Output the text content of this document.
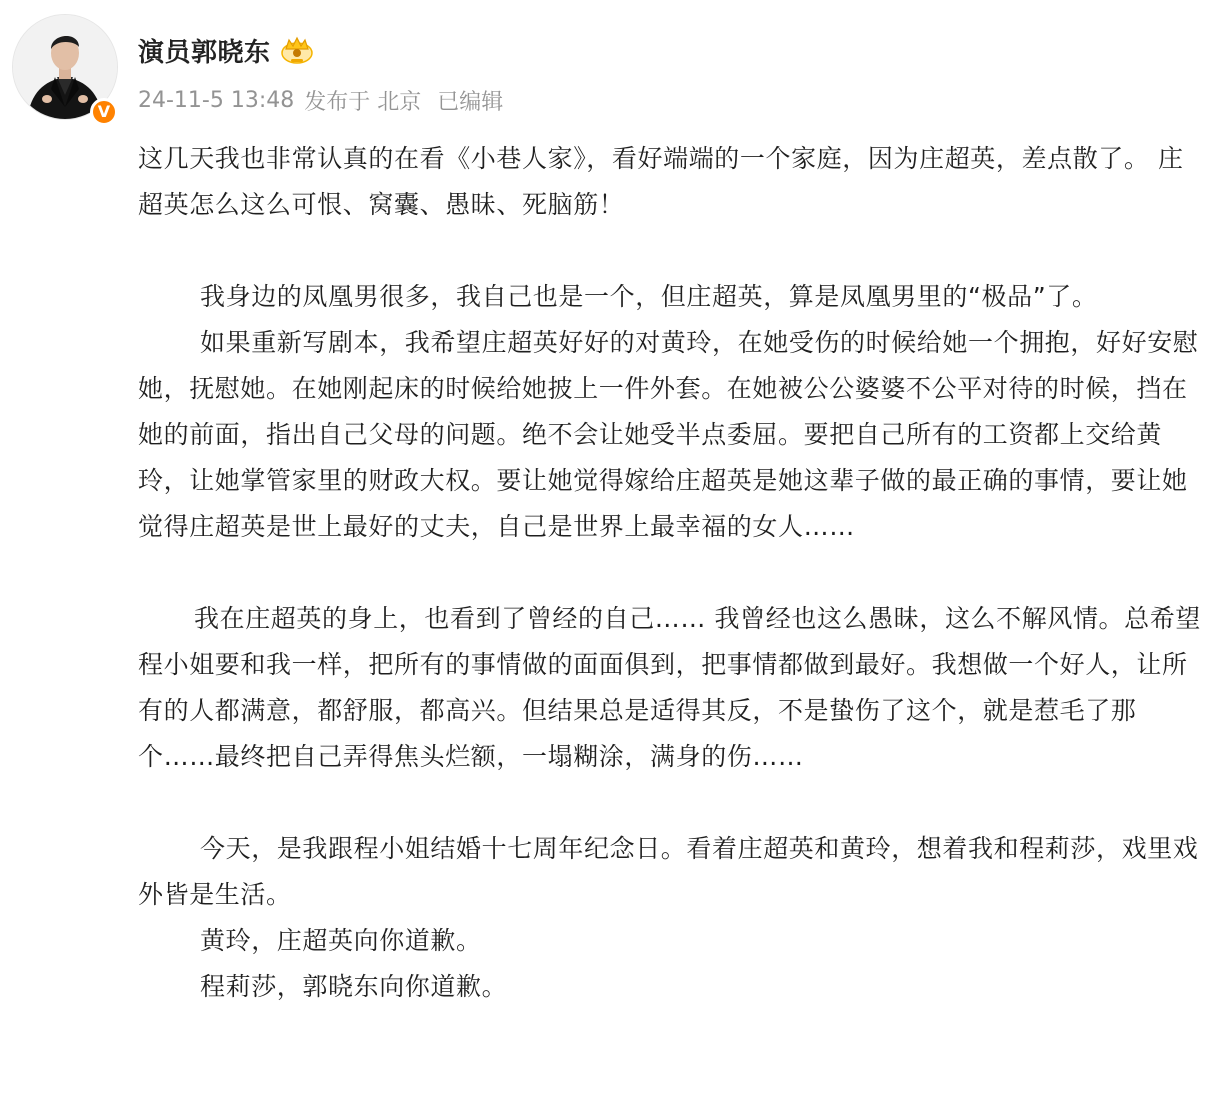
V
演员郭晓东
24-11-5 13:48 发布于 北京 已编辑

这几天我也非常认真的在看《小巷人家》，看好端端的一个家庭，因为庄超英，差点散了。 庄超英怎么这么可恨、窝囊、愚昧、死脑筋！

我身边的凤凰男很多，我自己也是一个，但庄超英，算是凤凰男里的“极品”了。

如果重新写剧本，我希望庄超英好好的对黄玲，在她受伤的时候给她一个拥抱，好好安慰她，抚慰她。在她刚起床的时候给她披上一件外套。在她被公公婆婆不公平对待的时候，挡在她的前面，指出自己父母的问题。绝不会让她受半点委屈。要把自己所有的工资都上交给黄玲，让她掌管家里的财政大权。要让她觉得嫁给庄超英是她这辈子做的最正确的事情，要让她觉得庄超英是世上最好的丈夫，自己是世界上最幸福的女人……

我在庄超英的身上，也看到了曾经的自己…… 我曾经也这么愚昧，这么不解风情。总希望程小姐要和我一样，把所有的事情做的面面俱到，把事情都做到最好。我想做一个好人，让所有的人都满意，都舒服，都高兴。但结果总是适得其反，不是蛰伤了这个，就是惹毛了那个……最终把自己弄得焦头烂额，一塌糊涂，满身的伤……

今天，是我跟程小姐结婚十七周年纪念日。看着庄超英和黄玲，想着我和程莉莎，戏里戏外皆是生活。

黄玲，庄超英向你道歉。

程莉莎，郭晓东向你道歉。
